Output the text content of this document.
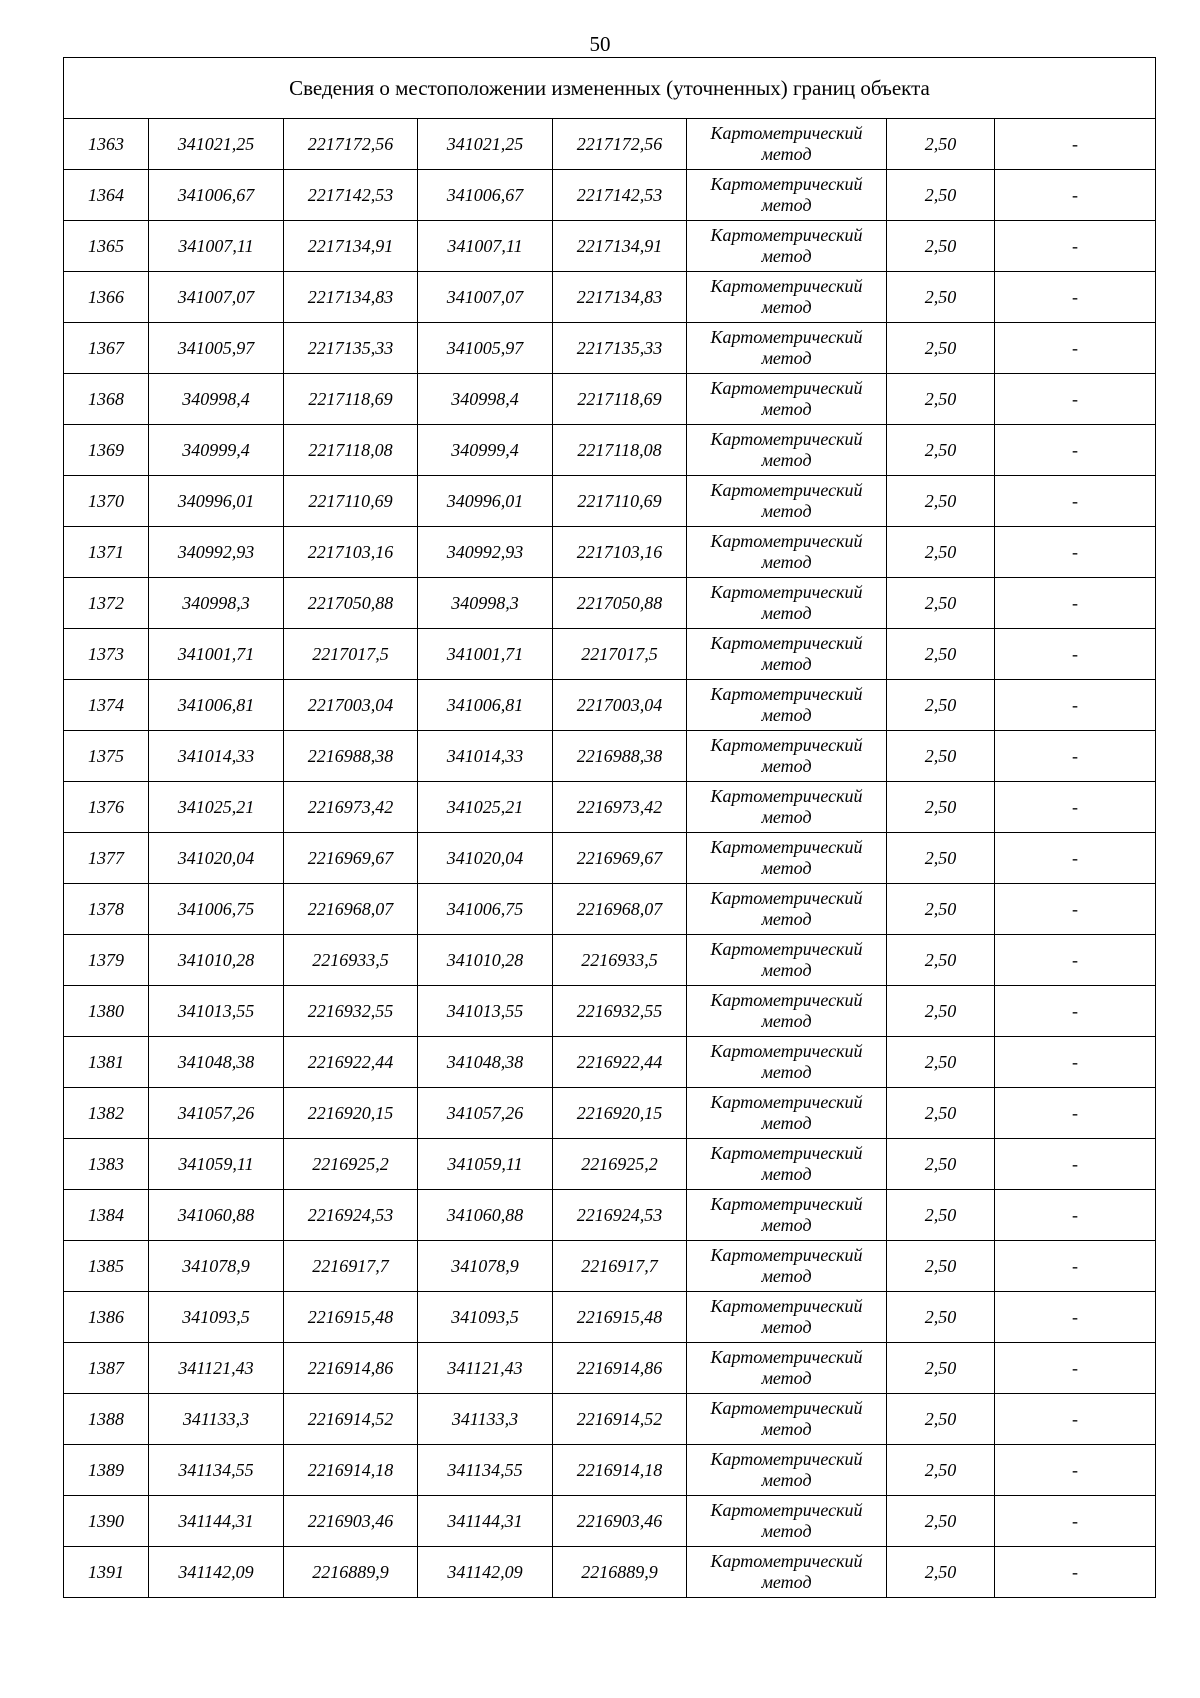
50
Сведения о местоположении измененных (уточненных) границ объекта							
1363	341021,25	2217172,56	341021,25	2217172,56	Картометрический метод	2,50	-
1364	341006,67	2217142,53	341006,67	2217142,53	Картометрический метод	2,50	-
1365	341007,11	2217134,91	341007,11	2217134,91	Картометрический метод	2,50	-
1366	341007,07	2217134,83	341007,07	2217134,83	Картометрический метод	2,50	-
1367	341005,97	2217135,33	341005,97	2217135,33	Картометрический метод	2,50	-
1368	340998,4	2217118,69	340998,4	2217118,69	Картометрический метод	2,50	-
1369	340999,4	2217118,08	340999,4	2217118,08	Картометрический метод	2,50	-
1370	340996,01	2217110,69	340996,01	2217110,69	Картометрический метод	2,50	-
1371	340992,93	2217103,16	340992,93	2217103,16	Картометрический метод	2,50	-
1372	340998,3	2217050,88	340998,3	2217050,88	Картометрический метод	2,50	-
1373	341001,71	2217017,5	341001,71	2217017,5	Картометрический метод	2,50	-
1374	341006,81	2217003,04	341006,81	2217003,04	Картометрический метод	2,50	-
1375	341014,33	2216988,38	341014,33	2216988,38	Картометрический метод	2,50	-
1376	341025,21	2216973,42	341025,21	2216973,42	Картометрический метод	2,50	-
1377	341020,04	2216969,67	341020,04	2216969,67	Картометрический метод	2,50	-
1378	341006,75	2216968,07	341006,75	2216968,07	Картометрический метод	2,50	-
1379	341010,28	2216933,5	341010,28	2216933,5	Картометрический метод	2,50	-
1380	341013,55	2216932,55	341013,55	2216932,55	Картометрический метод	2,50	-
1381	341048,38	2216922,44	341048,38	2216922,44	Картометрический метод	2,50	-
1382	341057,26	2216920,15	341057,26	2216920,15	Картометрический метод	2,50	-
1383	341059,11	2216925,2	341059,11	2216925,2	Картометрический метод	2,50	-
1384	341060,88	2216924,53	341060,88	2216924,53	Картометрический метод	2,50	-
1385	341078,9	2216917,7	341078,9	2216917,7	Картометрический метод	2,50	-
1386	341093,5	2216915,48	341093,5	2216915,48	Картометрический метод	2,50	-
1387	341121,43	2216914,86	341121,43	2216914,86	Картометрический метод	2,50	-
1388	341133,3	2216914,52	341133,3	2216914,52	Картометрический метод	2,50	-
1389	341134,55	2216914,18	341134,55	2216914,18	Картометрический метод	2,50	-
1390	341144,31	2216903,46	341144,31	2216903,46	Картометрический метод	2,50	-
1391	341142,09	2216889,9	341142,09	2216889,9	Картометрический метод	2,50	-
